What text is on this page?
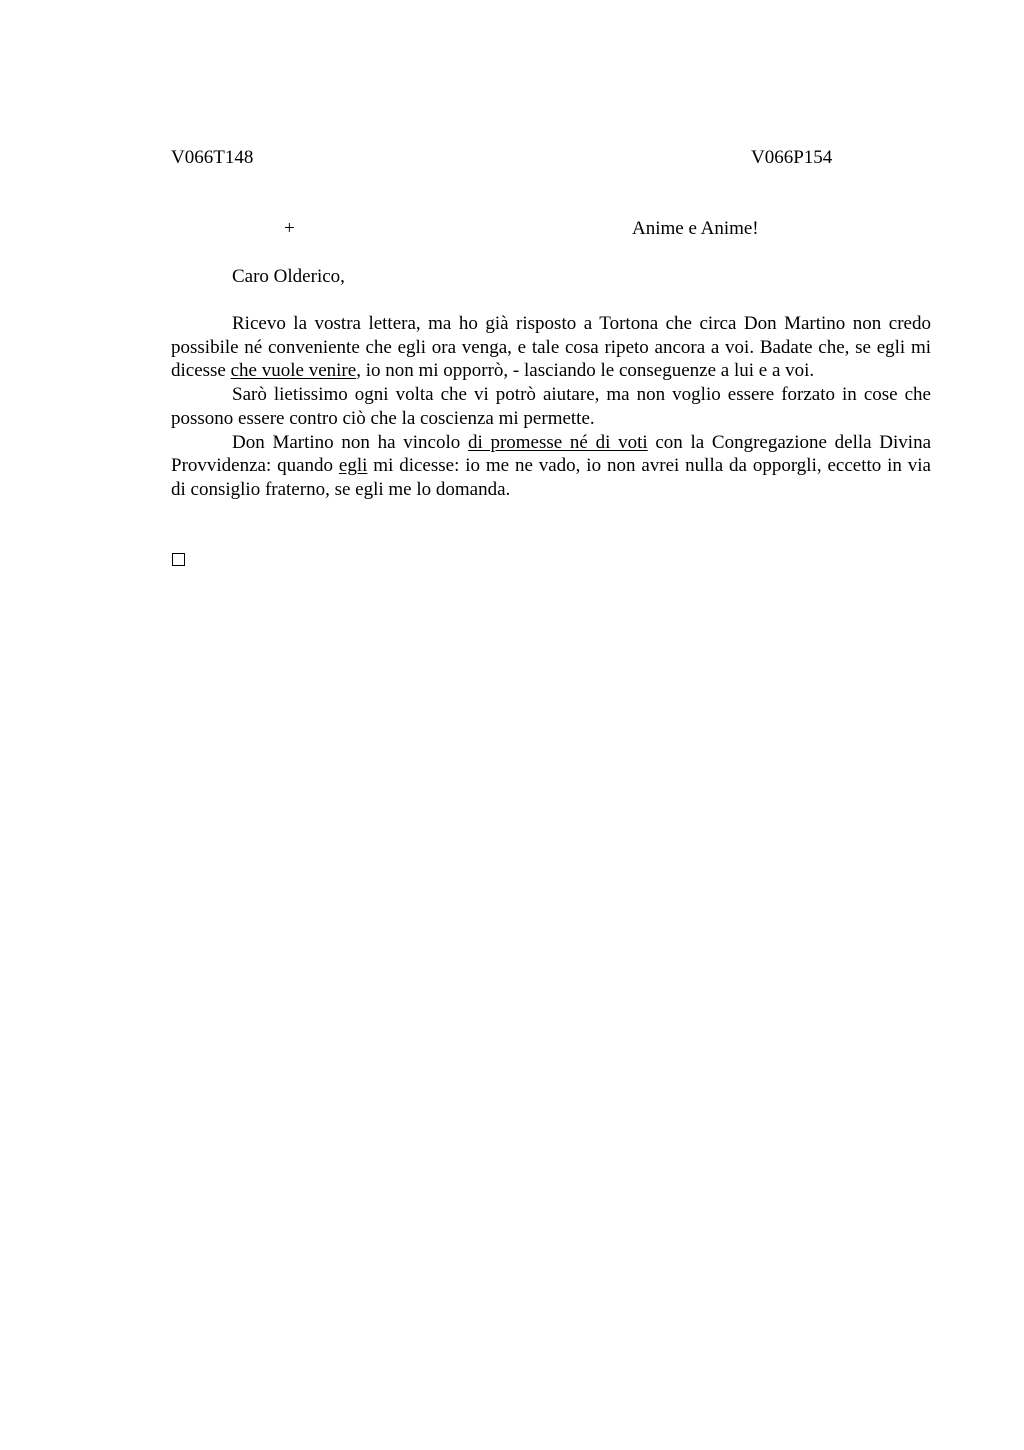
V066T148	V066P154
+	Anime e Anime!
Caro Olderico,

Ricevo la vostra lettera, ma ho già risposto a Tortona che circa Don Martino non credo possibile né conveniente che egli ora venga, e tale cosa ripeto ancora a voi. Badate che, se egli mi dicesse che vuole venire, io non mi opporrò, - lasciando le conseguenze a lui e a voi.

Sarò lietissimo ogni volta che vi potrò aiutare, ma non voglio essere forzato in cose che possono essere contro ciò che la coscienza mi permette.

Don Martino non ha vincolo di promesse né di voti con la Congregazione della Divina Provvidenza: quando egli mi dicesse: io me ne vado, io non avrei nulla da opporgli, eccetto in via di consiglio fraterno, se egli me lo domanda.
